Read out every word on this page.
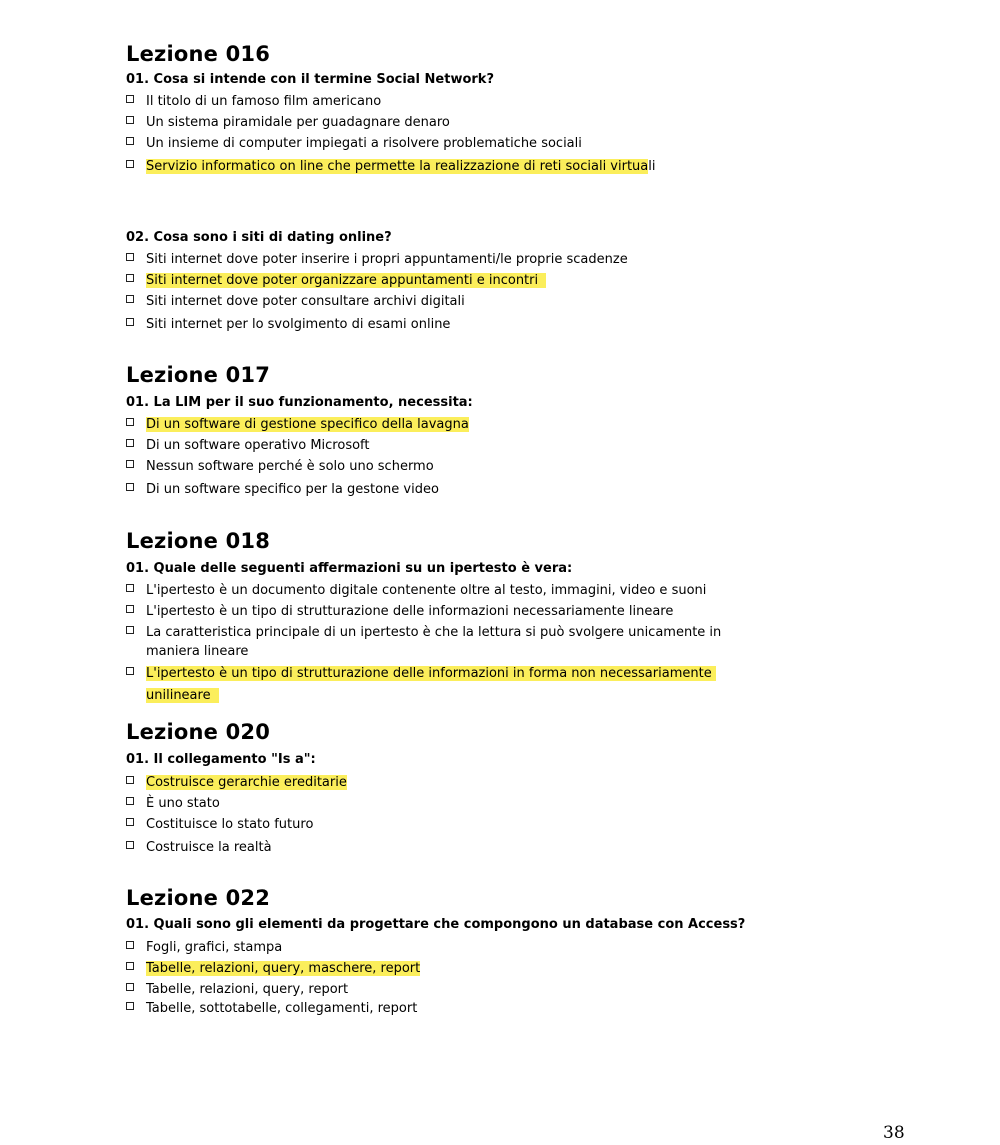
Lezione 016

01. Cosa si intende con il termine Social Network?

Il titolo di un famoso film americano
Un sistema piramidale per guadagnare denaro
Un insieme di computer impiegati a risolvere problematiche sociali
Servizio informatico on line che permette la realizzazione di reti sociali virtuali

02. Cosa sono i siti di dating online?

Siti internet dove poter inserire i propri appuntamenti/le proprie scadenze
Siti internet dove poter organizzare appuntamenti e incontri
Siti internet dove poter consultare archivi digitali
Siti internet per lo svolgimento di esami online
Lezione 017

01. La LIM per il suo funzionamento, necessita:

Di un software di gestione specifico della lavagna
Di un software operativo Microsoft
Nessun software perché è solo uno schermo
Di un software specifico per la gestone video
Lezione 018

01. Quale delle seguenti affermazioni su un ipertesto è vera:

L'ipertesto è un documento digitale contenente oltre al testo, immagini, video e suoni
L'ipertesto è un tipo di strutturazione delle informazioni necessariamente lineare
La caratteristica principale di un ipertesto è che la lettura si può svolgere unicamente in
maniera lineare
L'ipertesto è un tipo di strutturazione delle informazioni in forma non necessariamente
unilineare
Lezione 020

01. Il collegamento "Is a":

Costruisce gerarchie ereditarie
È uno stato
Costituisce lo stato futuro
Costruisce la realtà
Lezione 022

01. Quali sono gli elementi da progettare che compongono un database con Access?

Fogli, grafici, stampa
Tabelle, relazioni, query, maschere, report
Tabelle, relazioni, query, report
Tabelle, sottotabelle, collegamenti, report
38
